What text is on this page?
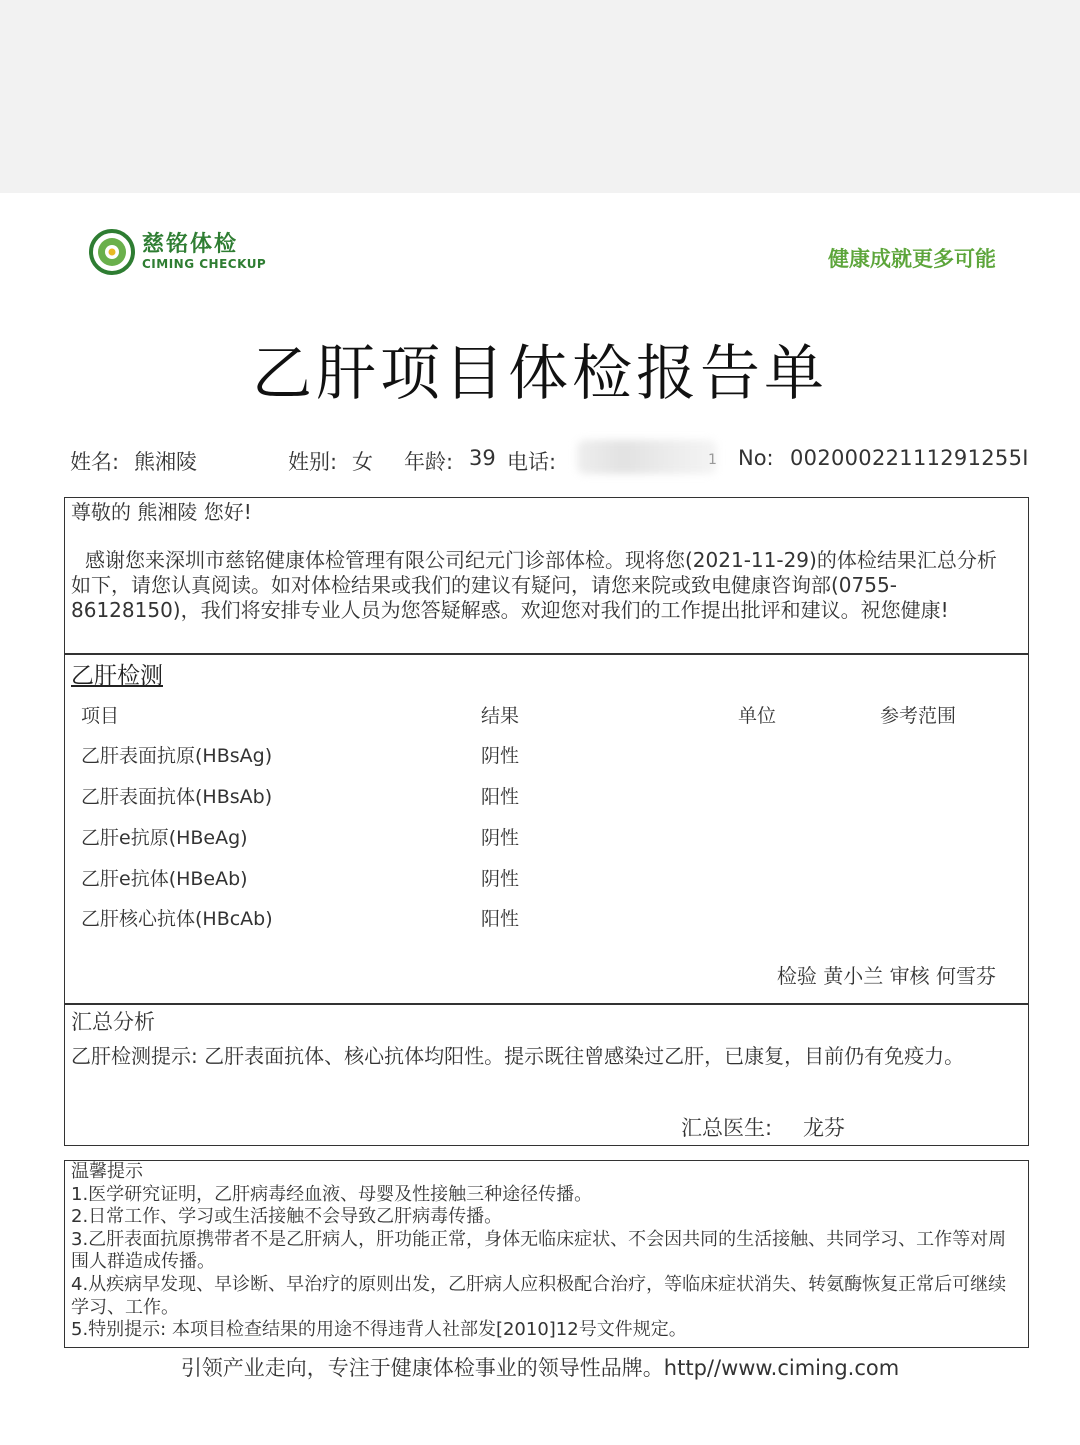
慈铭体检
CIMING CHECKUP	健康成就更多可能
乙肝项目体检报告单
姓名: 熊湘陵	姓别: 女 年龄: 39 电话:	1 No: 00200022111291255I
尊敬的 熊湘陵 您好!
感谢您来深圳市慈铭健康体检管理有限公司纪元门诊部体检。现将您(2021-11-29)的体检结果汇总分析如下，请您认真阅读。如对体检结果或我们的建议有疑问，请您来院或致电健康咨询部(0755-86128150)，我们将安排专业人员为您答疑解惑。欢迎您对我们的工作提出批评和建议。祝您健康!
乙肝检测
项目	结果	单位	参考范围
乙肝表面抗原(HBsAg)	阴性
乙肝表面抗体(HBsAb)	阳性
乙肝e抗原(HBeAg)	阴性
乙肝e抗体(HBeAb)	阴性
乙肝核心抗体(HBcAb)	阳性
检验 黄小兰 审核 何雪芬
汇总分析
乙肝检测提示: 乙肝表面抗体、核心抗体均阳性。提示既往曾感染过乙肝，已康复，目前仍有免疫力。
汇总医生: 龙芬
温馨提示
1.医学研究证明，乙肝病毒经血液、母婴及性接触三种途径传播。
2.日常工作、学习或生活接触不会导致乙肝病毒传播。
3.乙肝表面抗原携带者不是乙肝病人，肝功能正常，身体无临床症状、不会因共同的生活接触、共同学习、工作等对周围人群造成传播。
4.从疾病早发现、早诊断、早治疗的原则出发，乙肝病人应积极配合治疗，等临床症状消失、转氨酶恢复正常后可继续学习、工作。
5.特别提示: 本项目检查结果的用途不得违背人社部发[2010]12号文件规定。
引领产业走向，专注于健康体检事业的领导性品牌。http//www.ciming.com
